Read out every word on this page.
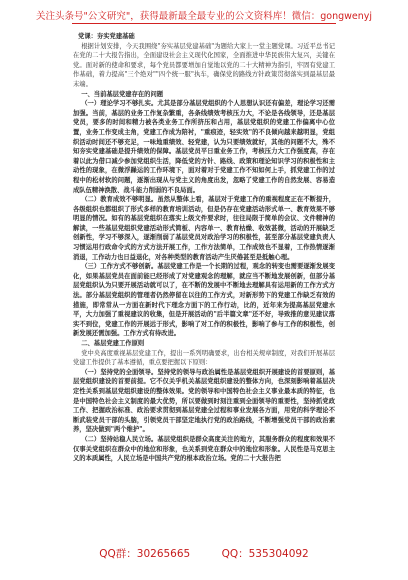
关注头条号"公文研究"，获得最新最全最专业的公文资料库！微信：gongwenyj

党课：夯实党建基础

根据计划安排，今天我围绕"夯实基层党建基础"为题给大家上一堂主题党课。习近平总书记在党的二十大报告指出，全面建设社会主义现代化国家，全面推进中华民族伟大复兴，关键在党。面对新的使命和要求，每个党员都要增加自觉地以党的二十大精神为指引，牢固有党建工作基础，着力提高"三个绝对""四个统一服"执车，确保党的路线方针政策贯彻落实到最基层最末端。

一、当前基层党建存在的问题

（一）理论学习不够扎实。尤其是部分基层党组织的个人思想认识还有偏差，理论学习还需加强。当前，基层的业务工作复杂繁重，各条线绩效考核压力大，不论是各线领导，还是基层党员，要多的时间和精力被各类业务工作所挤压和占用，基层党组织的党建工作偏离中心位置，业务工作变成主角，党建工作成为陪衬，"重痕迹，轻实效"的不良倾向越来越明显，党组织活动时间还不够充足，一味地重绩效、轻党建，认为只要绩效就好，其他的问题不大，殊不知夯实党建基础是提升绩效的保障。基层党员平日重业务工作，考核压力大工作强度高，存在着以此为借口减少参加党组织生活，降低党的方针、路线、政策和理论知识学习的积极性和主动性的现象，在微浮躁运的工作环境下，面对着对于党建工作不知如何上手，抓党建工作的过程中的松材软的问题，逐渐出现从与党主义的角度出发，忽略了党建工作的自然发展、容易造成队伍精神涣散、战斗能力削弱的不良局面。

（二）教育成效不够明显。虽然从整体上看，基层对于党建工作的重视程度正在不断提升，各级组织也都组织了形式多样的教育培训活动，但是仍存在党建活动形式单一、教育效果不够明显的情况。如有的基层党组织在落实上级文件要求时，往往局限于简单的会议、文件精神的解读，一些基层党组织党建活动形式简板、内容单一、教育枯燥、收效甚微，活动的开展缺乏创新性，学习不够深入，逐渐削弱了基层党员对政治学习的积极性，甚至部分基层党建负责人习惯运用行政命令式的方式方法开展工作，工作方法简单，工作成效也不显着，工作热情逐渐消退，工作动力也日益退化，对各种类型的教育活动产生厌倦甚至是抵触心理。

（三）工作方式不够创新。基层党建工作是一个长期的过程，观念的转变也需要逐渐发展变化，如果基层党员在面前能已经形成了对党建观念的理解，就应当不断地发展创新，但部分基层党组织认为只要开展活动就可以了，在不断的发展中不断地去理解具有运用新的工作方式方法。部分基层党组织的管理者仍然停留在以往的工作方式，对新形势下的党建工作缺乏有效的措施，即常常从一方面在新时代下理念方面下的工作行动，比的，近年来为提高基层党建水平，大力加强了重视建议的收集，但是开展活动的"后半篇文章"还不好，导致推的意见建议落实不到位，党建工作的开展远于形式，影响了对工作的积极性，影响了参与工作的积极性，创新发展还需加强。工作方式有待改进。

二、基层党建工作原则

党中央高度重视基层党建工作，提出一系列明确要求，出台相关规章制度，对我们开展基层党建工作提供了基本遵循，重点要把握以下原则：

（一）坚持党的全面领导。坚持党的领导与政治属性是基层党组织开展建设的首要原则，基层党组织建设的首要前提。它不仅关乎机关基层党组织建设的整体方向，也深刻影响着基层决定性关系到基层党组织建设的整体效果。党的领导和中国特色社会主义事业最本质的特征，也是中国特色社会主义制度的最大优势，所以要做到时刻注重到全面领导的重要性，坚持抓党政工作、把握政治标准、政治要求贯彻到基层党建全过程和事业发展各方面，用党的科学理论不断武装党员干部的头脑，引领党员干部坚定地执行党的政治路线，不断增强党员干部的政治素养，坚决做到"两个维护"。

（二）坚持站稳人民立场。基层党组织是群众高度关注的地方，其服务群众的程度和效果不仅事关党组织在群众中的地位和形象，也关系到党在群众中的地位和形象。人民性是马克思主义的本质属性，人民立场是中国共产党的根本政治立场。党的二十大报告把

QQ群：30265665	QQ：535304092
